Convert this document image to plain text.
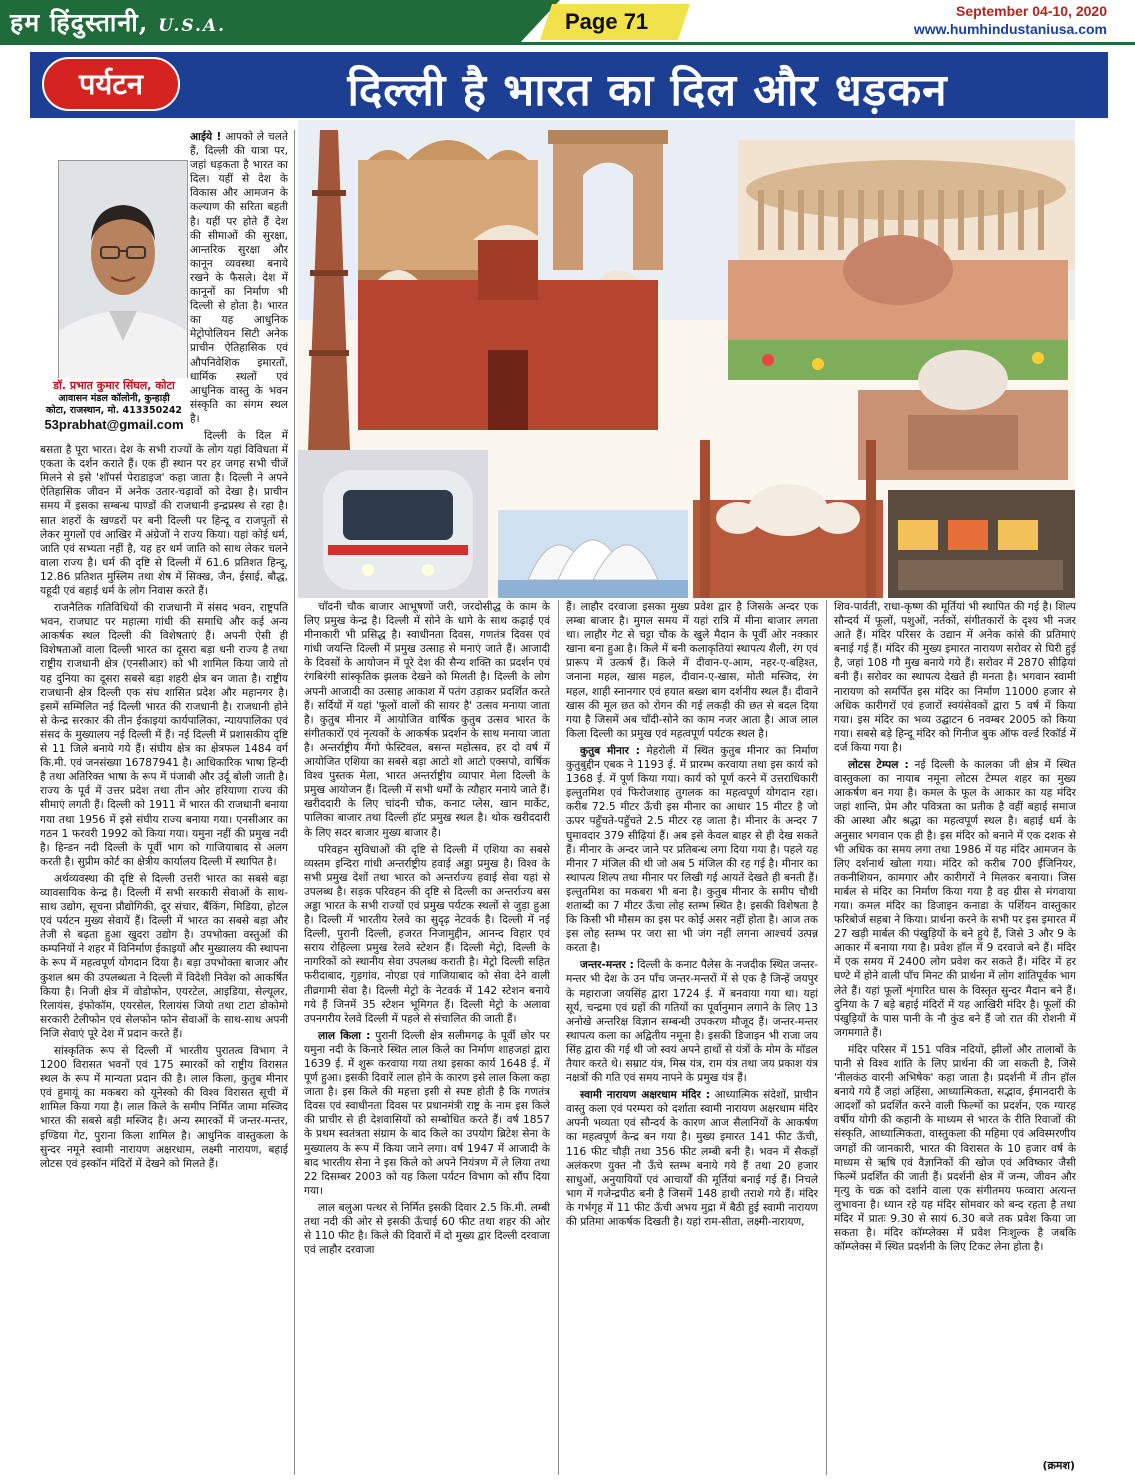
हम हिंदुस्तानी, U.S.A.	Page 71	September 04-10, 2020
www.humhindustaniusa.com
पर्यटन	दिल्ली है भारत का दिल और धड़कन

आईये ! आपको ले चलते हैं, दिल्ली की यात्रा पर, जहां धड़कता है भारत का दिल। यहीं से देश के विकास और आमजन के कल्याण की सरिता बहती है। यहीं पर होते हैं देश की सीमाओं की सुरक्षा, आन्तरिक सुरक्षा और कानून व्यवस्था बनाये रखने के फैसले। देश में कानूनों का निर्माण भी दिल्ली से होता है। भारत का यह आधुनिक मेट्रोपोलियन सिटी अनेक प्राचीन ऐतिहासिक एवं औपनिवेशिक इमारतों, धार्मिक स्थलों एवं आधुनिक वास्तु के भवन संस्कृति का संगम स्थल है।

दिल्ली के दिल में बसता है पूरा भारत। देश के सभी राज्यों के लोग यहां विविधता में एकता के दर्शन कराते हैं। एक ही स्थान पर हर जगह सभी चीजें मिलने से इसे 'शॉपर्स पेराडाइज' कहा जाता है। दिल्ली ने अपने ऐतिहासिक जीवन में अनेक उतार-चढ़ावों को देखा है। प्राचीन समय में इसका सम्बन्ध पाण्डों की राजधानी इन्द्रप्रस्थ से रहा है। सात शहरों के खण्डरों पर बनी दिल्ली पर हिन्दू व राजपूतों से लेकर मुगलों एवं आखिर में अंग्रेजों ने राज्य किया। यहां कोई धर्म, जाति एवं सभ्यता नहीं है, यह हर धर्म जाति को साथ लेकर चलने वाला राज्य है। धर्म की दृष्टि से दिल्ली में 61.6 प्रतिशत हिन्दू, 12.86 प्रतिशत मुस्लिम तथा शेष में सिक्ख, जैन, ईसाई, बौद्ध, यहूदी एवं बहाई धर्म के लोग निवास करते हैं।

राजनैतिक गतिविधियों की राजधानी में संसद भवन, राष्ट्रपति भवन, राजघाट पर महात्मा गांधी की समाधि और कई अन्य आकर्षक स्थल दिल्ली की विशेषताएं हैं। अपनी ऐसी ही विशेषताओं वाला दिल्ली भारत का दूसरा बड़ा धनी राज्य है तथा राष्ट्रीय राजधानी क्षेत्र (एनसीआर) को भी शामिल किया जाये तो यह दुनिया का दूसरा सबसे बड़ा शहरी क्षेत्र बन जाता है। राष्ट्रीय राजधानी क्षेत्र दिल्ली एक संघ शासित प्रदेश और महानगर है। इसमें सम्मिलित नई दिल्ली भारत की राजधानी है। राजधानी होने से केन्द्र सरकार की तीन ईकाइयां कार्यपालिका, न्यायपालिका एवं संसद के मुख्यालय नई दिल्ली में हैं। नई दिल्ली में प्रशासकीय दृष्टि से 11 जिले बनाये गये हैं। संघीय क्षेत्र का क्षेत्रफल 1484 वर्ग कि.मी. एवं जनसंख्या 16787941 है। आधिकारिक भाषा हिन्दी है तथा अतिरिक्त भाषा के रूप में पंजाबी और उर्दू बोली जाती है। राज्य के पूर्व में उत्तर प्रदेश तथा तीन ओर हरियाणा राज्य की सीमाएं लगती हैं। दिल्ली को 1911 में भारत की राजधानी बनाया गया तथा 1956 में इसे संघीय राज्य बनाया गया। एनसीआर का गठन 1 फरवरी 1992 को किया गया। यमुना नहीं की प्रमुख नदी है। हिन्डन नदी दिल्ली के पूर्वी भाग को गाजियाबाद से अलग करती है। सुप्रीम कोर्ट का क्षेत्रीय कार्यालय दिल्ली में स्थापित है।

अर्थव्यवस्था की दृष्टि से दिल्ली उत्तरी भारत का सबसे बड़ा व्यावसायिक केन्द्र है। दिल्ली में सभी सरकारी सेवाओं के साथ-साथ उद्योग, सूचना प्रौद्योगिकी, दूर संचार, बैंकिंग, मिडिया, होटल एवं पर्यटन मुख्य सेवायें हैं। दिल्ली में भारत का सबसे बड़ा और तेजी से बढ़ता हुआ खुदरा उद्योग है। उपभोक्ता वस्तुओं की कम्पनियों ने शहर में विनिर्माण ईकाइयों और मुख्यालय की स्थापना के रूप में महत्वपूर्ण योगदान दिया है। बड़ा उपभोक्ता बाजार और कुशल श्रम की उपलब्धता ने दिल्ली में विदेशी निवेश को आकर्षित किया है। निजी क्षेत्र में वोडोफोन, एयरटेल, आइडिया, सेल्यूलर, रिलायंस, इंफोकॉम, एयरसेल, रिलायंस जियो तथा टाटा डोकोमो सरकारी टेलीफोन एवं सेलफोन फोन सेवाओं के साथ-साथ अपनी निजि सेवाएं पूरे देश में प्रदान करते हैं।

सांस्कृतिक रूप से दिल्ली में भारतीय पुरातत्व विभाग ने 1200 विरासत भवनों एवं 175 स्मारकों को राष्ट्रीय विरासत स्थल के रूप में मान्यता प्रदान की है। लाल किला, कुतुब मीनार एवं हुमायूं का मकबरा को यूनेस्को की विश्व विरासत सूची में शामिल किया गया है। लाल किले के समीप निर्मित जामा मस्जिद भारत की सबसे बड़ी मस्जिद है। अन्य स्मारकों में जन्तर-मन्तर, इण्डिया गेट, पुराना किला शामिल है। आधुनिक वास्तुकला के सुन्दर नमूने स्वामी नारायण अक्षरधाम, लक्ष्मी नारायण, बहाई लोटस एवं इस्कॉन मंदिरों में देखने को मिलते हैं।

डॉ. प्रभात कुमार सिंघल, कोटा
आवासन मंडल कॉलोनी, कुन्हाड़ी
कोटा, राजस्थान, मो. 413350242
53prabhat@gmail.com

चाँदनी चौक बाजार आभूषणों जरी, जरदोसीद्ध के काम के लिए प्रमुख केन्द्र है। दिल्ली में सोने के धागे के साथ कढ़ाई एवं मीनाकारी भी प्रसिद्ध है। स्वाधीनता दिवस, गणतंत्र दिवस एवं गांधी जयन्ति दिल्ली में प्रमुख उत्साह से मनाएं जाते हैं। आजादी के दिवसों के आयोजन में पूरे देश की सैन्य शक्ति का प्रदर्शन एवं रंगबिरंगी सांस्कृतिक झलक देखने को मिलती है। दिल्ली के लोग अपनी आजादी का उत्साह आकाश में पतंग उड़ाकर प्रदर्शित करते हैं। सर्दियों में यहां 'फूलों वालों की सायर है' उत्सव मनाया जाता है। कुतुब मीनार में आयोजित वार्षिक कुतुब उत्सव भारत के संगीतकारों एवं नृत्यकों के आकर्षक प्रदर्शन के साथ मनाया जाता है। अन्तर्राष्ट्रीय मैंगो फेस्टिवल, बसन्त महोत्सव, हर दो वर्ष में आयोजित एशिया का सबसे बड़ा आटो शो आटो एक्सपो, वार्षिक विश्व पुस्तक मेला, भारत अन्तर्राष्ट्रीय व्यापार मेला दिल्ली के प्रमुख आयोजन हैं। दिल्ली में सभी धर्मों के त्यौहार मनाये जाते हैं। खरीददारी के लिए चांदनी चौक, कनाट प्लेस, खान मार्केट, पालिका बाजार तथा दिल्ली हॉट प्रमुख स्थल है। थोक खरीददारी के लिए सदर बाजार मुख्य बाजार है।

परिवहन सुविधाओं की दृष्टि से दिल्ली में एशिया का सबसे व्यस्तम इन्दिरा गांधी अन्तर्राष्ट्रीय हवाई अड्डा प्रमुख है। विश्व के सभी प्रमुख देशों तथा भारत को अन्तर्राज्य हवाई सेवा यहां से उपलब्ध है। सड़क परिवहन की दृष्टि से दिल्ली का अन्तर्राज्य बस अड्डा भारत के सभी राज्यों एवं प्रमुख पर्यटक स्थलों से जुड़ा हुआ है। दिल्ली में भारतीय रेलवे का सुदृढ़ नेटवर्क है। दिल्ली में नई दिल्ली, पुरानी दिल्ली, हजरत निजामुद्दीन, आनन्द विहार एवं सराय रोहिल्ला प्रमुख रेलवे स्टेशन हैं। दिल्ली मेट्रो, दिल्ली के नागरिकों को स्थानीय सेवा उपलब्ध कराती है। मेट्रो दिल्ली सहित फरीदाबाद, गुड़गांव, नोएडा एवं गाजियाबाद को सेवा देने वाली तीव्रगामी सेवा है। दिल्ली मेट्रो के नेटवर्क में 142 स्टेशन बनाये गये हैं जिनमें 35 स्टेशन भूमिगत हैं। दिल्ली मेट्रो के अलावा उपनगरीय रेलवे दिल्ली में पहले से संचालित की जाती हैं।

लाल किला : पुरानी दिल्ली क्षेत्र सलीमगढ़ के पूर्वी छोर पर यमुना नदी के किनारे स्थित लाल किले का निर्माण शाहजहां द्वारा 1639 ई. में शुरू करवाया गया तथा इसका कार्य 1648 ई. में पूर्ण हुआ। इसकी दिवारें लाल होने के कारण इसे लाल किला कहा जाता है। इस किले की महत्ता इसी से स्पष्ट होती है कि गणतंत्र दिवस एवं स्वाधीनता दिवस पर प्रधानमंत्री राष्ट्र के नाम इस किले की प्राचीर से ही देशवासियों को सम्बोधित करते हैं। वर्ष 1857 के प्रथम स्वतंत्रता संग्राम के बाद किले का उपयोग ब्रिटेश सेना के मुख्यालय के रूप में किया जाने लगा। वर्ष 1947 में आजादी के बाद भारतीय सेना ने इस किले को अपने नियंत्रण में ले लिया तथा 22 दिसम्बर 2003 को यह किला पर्यटन विभाग को सौंप दिया गया।

लाल बलुआ पत्थर से निर्मित इसकी दिवार 2.5 कि.मी. लम्बी तथा नदी की ओर से इसकी ऊँचाई 60 फीट तथा शहर की ओर से 110 फीट है। किले की दिवारों में दो मुख्य द्वार दिल्ली दरवाजा एवं लाहौर दरवाजा

हैं। लाहौर दरवाजा इसका मुख्य प्रवेश द्वार है जिसके अन्दर एक लम्बा बाजार है। मुगल समय में यहां रात्रि में मीना बाजार लगता था। लाहौर गेट से चट्टा चौक के खुले मैदान के पूर्वी ओर नक्कार खाना बना हुआ है। किले में बनी कलाकृतियां स्थापत्य शैली, रंग एवं प्रारूप में उत्कर्ष हैं। किले में दीवान-ए-आम, नहर-ए-बहिश्त, जनाना महल, खास महल, दीवान-ए-खास, मोती मस्जिद, रंग महल, शाही स्नानगार एवं हयात बख्श बाग दर्शनीय स्थल हैं। दीवाने खास की मूल छत को रोगन की गई लकड़ी की छत से बदल दिया गया है जिसमें अब चाँदी-सोने का काम नजर आता है। आज लाल किला दिल्ली का प्रमुख एवं महत्वपूर्ण पर्यटक स्थल है।

कुतुब मीनार : मेहरोली में स्थित कुतुब मीनार का निर्माण कुतुबुद्दीन एबक ने 1193 ई. में प्रारम्भ करवाया तथा इस कार्य को 1368 ई. में पूर्ण किया गया। कार्य को पूर्ण करने में उत्तराधिकारी इल्तुतमिश एवं फिरोजशाह तुगलक का महत्वपूर्ण योगदान रहा। करीब 72.5 मीटर ऊँची इस मीनार का आधार 15 मीटर है जो ऊपर पहुँचते-पहुँचते 2.5 मीटर रह जाता है। मीनार के अन्दर 7 घुमावदार 379 सीढ़ियां हैं। अब इसे केवल बाहर से ही देख सकते हैं। मीनार के अन्दर जाने पर प्रतिबन्ध लगा दिया गया है। पहले यह मीनार 7 मंजिल की थी जो अब 5 मंजिल की रह गई है। मीनार का स्थापत्य शिल्प तथा मीनार पर लिखी गई आयतें देखते ही बनती हैं। इल्तुतमिश का मकबरा भी बना है। कुतुब मीनार के समीप चौथी शताब्दी का 7 मीटर ऊँचा लोह स्तम्भ स्थित है। इसकी विशेषता है कि किसी भी मौसम का इस पर कोई असर नहीं होता है। आज तक इस लोह स्तम्भ पर जरा सा भी जंग नहीं लगना आश्चर्य उत्पन्न करता है।

जन्तर-मन्तर : दिल्ली के कनाट पैलेस के नजदीक स्थित जन्तर-मन्तर भी देश के उन पाँच जन्तर-मन्तरों में से एक है जिन्हें जयपुर के महाराजा जयसिंह द्वारा 1724 ई. में बनवाया गया था। यहां सूर्य, चन्द्रमा एवं ग्रहों की गतियों का पूर्वानुमान लगाने के लिए 13 अनोखे अन्तरिक्ष विज्ञान सम्बन्धी उपकरण मौजूद हैं। जन्तर-मन्तर स्थापत्य कला का अद्वितीय नमूना है। इसकी डिजाइन भी राजा जय सिंह द्वारा की गई थी जो स्वयं अपने हाथों से यंत्रों के मोम के मॉडल तैयार करते थे। सम्राट यंत्र, मिस्र यंत्र, राम यंत्र तथा जय प्रकाश यंत्र नक्षत्रों की गति एवं समय नापने के प्रमुख यंत्र हैं।

स्वामी नारायण अक्षरधाम मंदिर : आध्यात्मिक संदेशों, प्राचीन वास्तु कला एवं परम्परा को दर्शाता स्वामी नारायण अक्षरधाम मंदिर अपनी भव्यता एवं सौन्दर्य के कारण आज सैलानियों के आकर्षण का महत्वपूर्ण केन्द्र बन गया है। मुख्य इमारत 141 फीट ऊँची, 116 फीट चौड़ी तथा 356 फीट लम्बी बनी है। भवन में सैकड़ों अलंकरण युक्त नौ ऊँचे स्तम्भ बनाये गये हैं तथा 20 हजार साधुओं, अनुयायियों एवं आचार्यों की मूर्तियां बनाई गई हैं। निचले भाग में गजेन्द्रपीठ बनी है जिसमें 148 हाथी तराशे गये हैं। मंदिर के गर्भगृह में 11 फीट ऊँची अभय मुद्रा में बैठी हुई स्वामी नारायण की प्रतिमा आकर्षक दिखती है। यहां राम-सीता, लक्ष्मी-नारायण,

शिव-पार्वती, राधा-कृष्ण की मूर्तियां भी स्थापित की गई है। शिल्प सौन्दर्य में फूलों, पशुओं, नर्तकों, संगीतकारों के दृश्य भी नजर आते हैं। मंदिर परिसर के उद्यान में अनेक कांसे की प्रतिमाएं बनाई गई हैं। मंदिर की मुख्य इमारत नारायण सरोवर से घिरी हुई है, जहां 108 गौ मुख बनाये गये हैं। सरोवर में 2870 सीढ़ियां बनी हैं। सरोवर का स्थापत्य देखते ही मनता है। भगवान स्वामी नारायण को समर्पित इस मंदिर का निर्माण 11000 हजार से अधिक कारीगरों एवं हजारों स्वयंसेवकों द्वारा 5 वर्ष में किया गया। इस मंदिर का भव्य उद्घाटन 6 नवम्बर 2005 को किया गया। सबसे बड़े हिन्दू मंदिर को गिनीज बुक ऑफ वर्ल्ड रिकॉर्ड में दर्ज किया गया है।

लोटस टेम्पल : नई दिल्ली के कालका जी क्षेत्र में स्थित वास्तुकला का नायाब नमूना लोटस टेम्पल शहर का मुख्य आकर्षण बन गया है। कमल के फूल के आकार का यह मंदिर जहां शान्ति, प्रेम और पवित्रता का प्रतीक है वहीं बहाई समाज की आस्था और श्रद्धा का महत्वपूर्ण स्थल है। बहाई धर्म के अनुसार भगवान एक ही है। इस मंदिर को बनाने में एक दशक से भी अधिक का समय लगा तथा 1986 में यह मंदिर आमजन के लिए दर्शनार्थ खोला गया। मंदिर को करीब 700 ईंजिनियर, तकनीशियन, कामगार और कारीगरों ने मिलकर बनाया। जिस मार्बल से मंदिर का निर्माण किया गया है वह ग्रीस से मंगवाया गया। कमल मंदिर का डिजाइन कनाडा के पर्शियन वास्तुकार फरिबोर्ज सहबा ने किया। प्रार्थना करने के सभी पर इस इमारत में 27 खड़ी मार्बल की पंखुड़ियों के बने हुये हैं, जिसे 3 और 9 के आकार में बनाया गया है। प्रवेश हॉल में 9 दरवाजे बने हैं। मंदिर में एक समय में 2400 लोग प्रवेश कर सकते हैं। मंदिर में हर घण्टे में होने वाली पाँच मिनट की प्रार्थना में लोग शांतिपूर्वक भाग लेते हैं। यहां फूलों शृंगारित घास के विस्तृत सुन्दर मैदान बने हैं। दुनिया के 7 बड़े बहाई मंदिरों में यह आखिरी मंदिर है। फूलों की पंखुड़ियों के पास पानी के नौ कुंड बने हैं जो रात की रोशनी में जगमगाते हैं।

मंदिर परिसर में 151 पवित्र नदियों, झीलों और तालाबों के पानी से विश्व शांति के लिए प्रार्थना की जा सकती है, जिसे 'नीलकंठ वारनी अभिषेक' कहा जाता है। प्रदर्शनी में तीन हॉल बनाये गये हैं जहां अहिंसा, आध्यात्मिकता, सद्भाव, ईमानदारी के आदर्शों को प्रदर्शित करने वाली फिल्मों का प्रदर्शन, एक ग्यारह वर्षीय योगी की कहानी के माध्यम से भारत के रीति रिवाजों की संस्कृति, आध्यात्मिकता, वास्तुकला की महिमा एवं अविस्मरणीय जगहों की जानकारी, भारत की विरासत के 10 हजार वर्ष के माध्यम से ऋषि एवं वैज्ञानिकों की खोज एवं अविष्कार जैसी फिल्में प्रदर्शित की जाती हैं। प्रदर्शनी क्षेत्र में जन्म, जीवन और मृत्यु के चक्र को दर्शाने वाला एक संगीतमय फव्वारा अत्यन्त लुभावना है। ध्यान रहे यह मंदिर सोमवार को बन्द रहता है तथा मंदिर में प्रातः 9.30 से सायं 6.30 बजे तक प्रवेश किया जा सकता है। मंदिर कॉम्प्लेक्स में प्रवेश निःशुल्क है जबकि कॉम्प्लेक्स में स्थित प्रदर्शनी के लिए टिकट लेना होता है।

(क्रमश)
